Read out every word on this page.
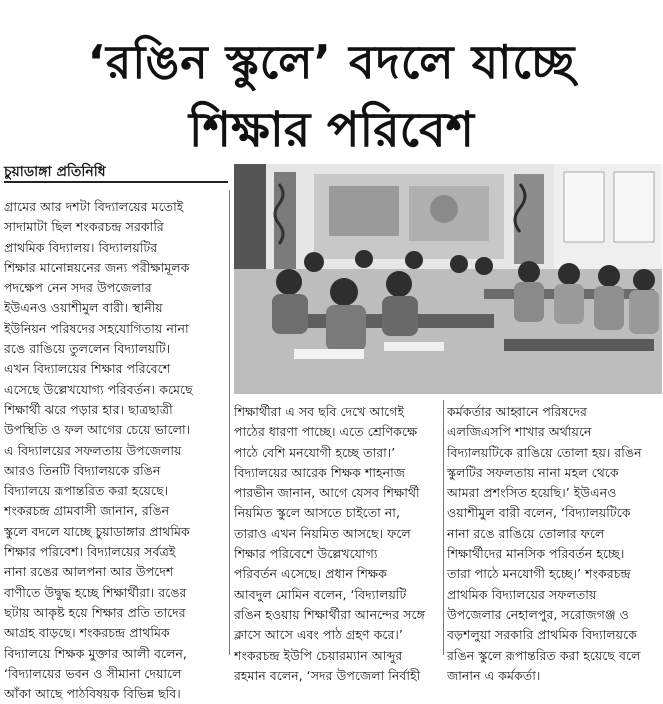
‘রঙিন স্কুলে’ বদলে যাচ্ছে
শিক্ষার পরিবেশ
চুয়াডাঙ্গা প্রতিনিধি

গ্রামের আর দশটা বিদ্যালয়ের মতোই

সাদামাটা ছিল শংকরচন্দ্র সরকারি

প্রাথমিক বিদ্যালয়। বিদ্যালয়টির

শিক্ষার মানোন্নয়নের জন্য পরীক্ষামূলক

পদক্ষেপ নেন সদর উপজেলার

ইউএনও ওয়াশীমুল বারী। স্থানীয়

ইউনিয়ন পরিষদের সহযোগিতায় নানা

রঙে রাঙিয়ে তুললেন বিদ্যালয়টি।

এখন বিদ্যালয়ের শিক্ষার পরিবেশে

এসেছে উল্লেখযোগ্য পরিবর্তন। কমেছে

শিক্ষার্থী ঝরে পড়ার হার। ছাত্রছাত্রী

উপস্থিতি ও ফল আগের চেয়ে ভালো।

এ বিদ্যালয়ের সফলতায় উপজেলায়

আরও তিনটি বিদ্যালয়কে রঙিন

বিদ্যালয়ে রূপান্তরিত করা হয়েছে।

শংকরচন্দ্র গ্রামবাসী জানান, রঙিন

স্কুলে বদলে যাচ্ছে চুয়াডাঙ্গার প্রাথমিক

শিক্ষার পরিবেশ। বিদ্যালয়ের সর্বত্রই

নানা রঙের আলপনা আর উপদেশ

বাণীতে উদ্বুদ্ধ হচ্ছে শিক্ষার্থীরা। রঙের

ছটায় আকৃষ্ট হয়ে শিক্ষার প্রতি তাদের

আগ্রহ বাড়ছে। শংকরচন্দ্র প্রাথমিক

বিদ্যালয়ে শিক্ষক মুক্তার আলী বলেন,

‘বিদ্যালয়ের ভবন ও সীমানা দেয়ালে

আঁকা আছে পাঠবিষয়ক বিভিন্ন ছবি।

শিক্ষার্থীরা এ সব ছবি দেখে আগেই

পাঠের ধারণা পাচ্ছে। এতে শ্রেণিকক্ষে

পাঠে বেশি মনযোগী হচ্ছে তারা।’

বিদ্যালয়ের আরেক শিক্ষক শাহনাজ

পারভীন জানান, আগে যেসব শিক্ষার্থী

নিয়মিত স্কুলে আসতে চাইতো না,

তারাও এখন নিয়মিত আসছে। ফলে

শিক্ষার পরিবেশে উল্লেখযোগ্য

পরিবর্তন এসেছে। প্রধান শিক্ষক

আবদুল মোমিন বলেন, ‘বিদ্যালয়টি

রঙিন হওয়ায় শিক্ষার্থীরা আনন্দের সঙ্গে

ক্লাসে আসে এবং পাঠ গ্রহণ করে।’

শংকরচন্দ্র ইউপি চেয়ারম্যান আব্দুর

রহমান বলেন, ‘সদর উপজেলা নির্বাহী

কর্মকর্তার আহ্বানে পরিষদের

এলজিএসপি শাখার অর্থায়নে

বিদ্যালয়টিকে রাঙিয়ে তোলা হয়। রঙিন

স্কুলটির সফলতায় নানা মহল থেকে

আমরা প্রশংসিত হয়েছি।’ ইউএনও

ওয়াশীমুল বারী বলেন, ‘বিদ্যালয়টিকে

নানা রঙে রাঙিয়ে তোলার ফলে

শিক্ষার্থীদের মানসিক পরিবর্তন হচ্ছে।

তারা পাঠে মনযোগী হচ্ছে।’ শংকরচন্দ্র

প্রাথমিক বিদ্যালয়ের সফলতায়

উপজেলার নেহালপুর, সরোজগঞ্জ ও

বড়শলুয়া সরকারি প্রাথমিক বিদ্যালয়কে

রঙিন স্কুলে রূপান্তরিত করা হয়েছে বলে

জানান এ কর্মকর্তা।
